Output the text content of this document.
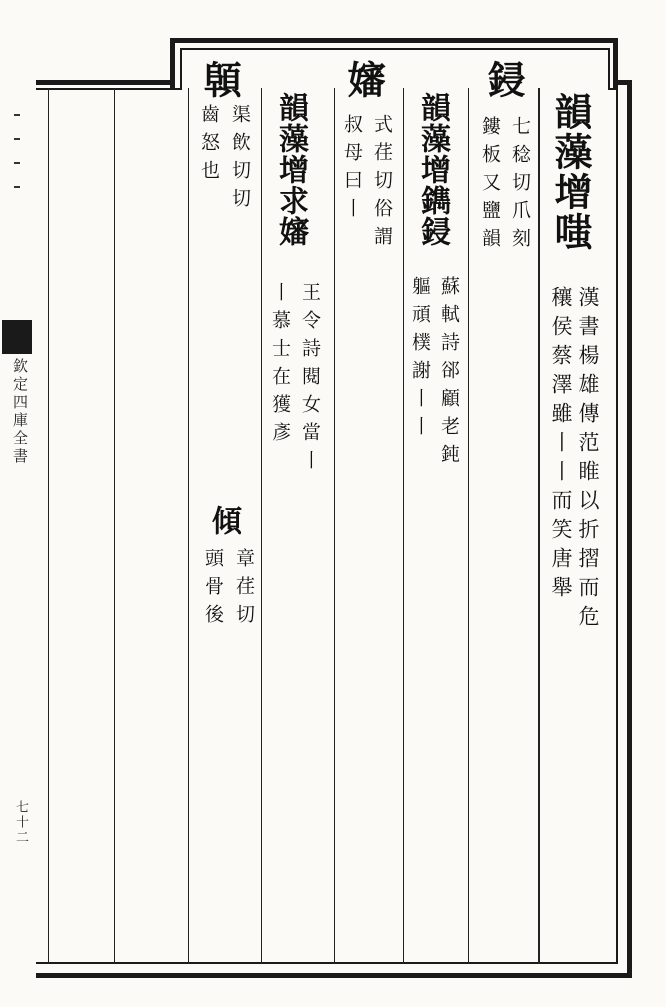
欽定四庫全書
七十二
韻藻增嗤
漢書楊雄傳范睢以折摺而危
穰侯蔡澤雖丨丨而笑唐舉
鋟
七稔切爪刻
鏤板又鹽韻
韻藻增鐫鋟
蘇軾詩郤顧老鈍
軀頑樸謝丨丨
嬸
式荏切俗謂
叔母曰丨
韻藻增求嬸
王令詩閱女當丨
丨慕士在獲彥
顊
渠飲切切
齒怒也
傾
章荏切
頭骨後
